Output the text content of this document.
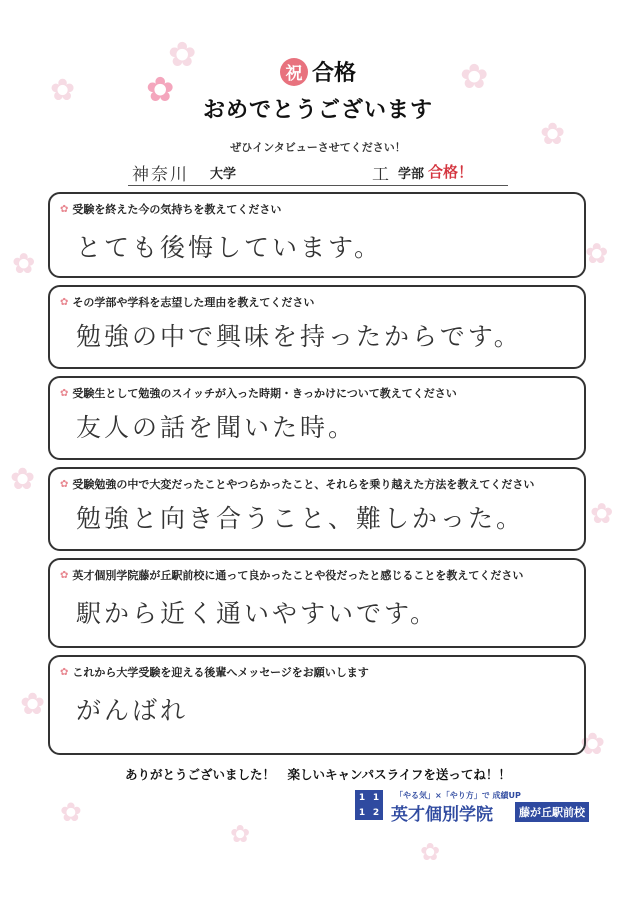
✿
✿	✿
✿
✿
✿
✿
✿
✿
✿
✿
✿
✿
✿	祝 合格
おめでとうございます
ぜひインタビューさせてください！
神奈川 大学	工 学部 合格！
✿ 受験を終えた今の気持ちを教えてください
とても後悔しています。
✿ その学部や学科を志望した理由を教えてください
勉強の中で興味を持ったからです。
✿ 受験生として勉強のスイッチが入った時期・きっかけについて教えてください
友人の話を聞いた時。
✿ 受験勉強の中で大変だったことやつらかったこと、それらを乗り越えた方法を教えてください
勉強と向き合うこと、難しかった。
✿ 英才個別学院藤が丘駅前校に通って良かったことや役だったと感じることを教えてください
駅から近く通いやすいです。
✿ これから大学受験を迎える後輩へメッセージをお願いします
がんばれ
ありがとうございました！　楽しいキャンパスライフを送ってね！！
1 1
1 2
「やる気」×「やり方」で 成績UP
英才個別学院	藤が丘駅前校
